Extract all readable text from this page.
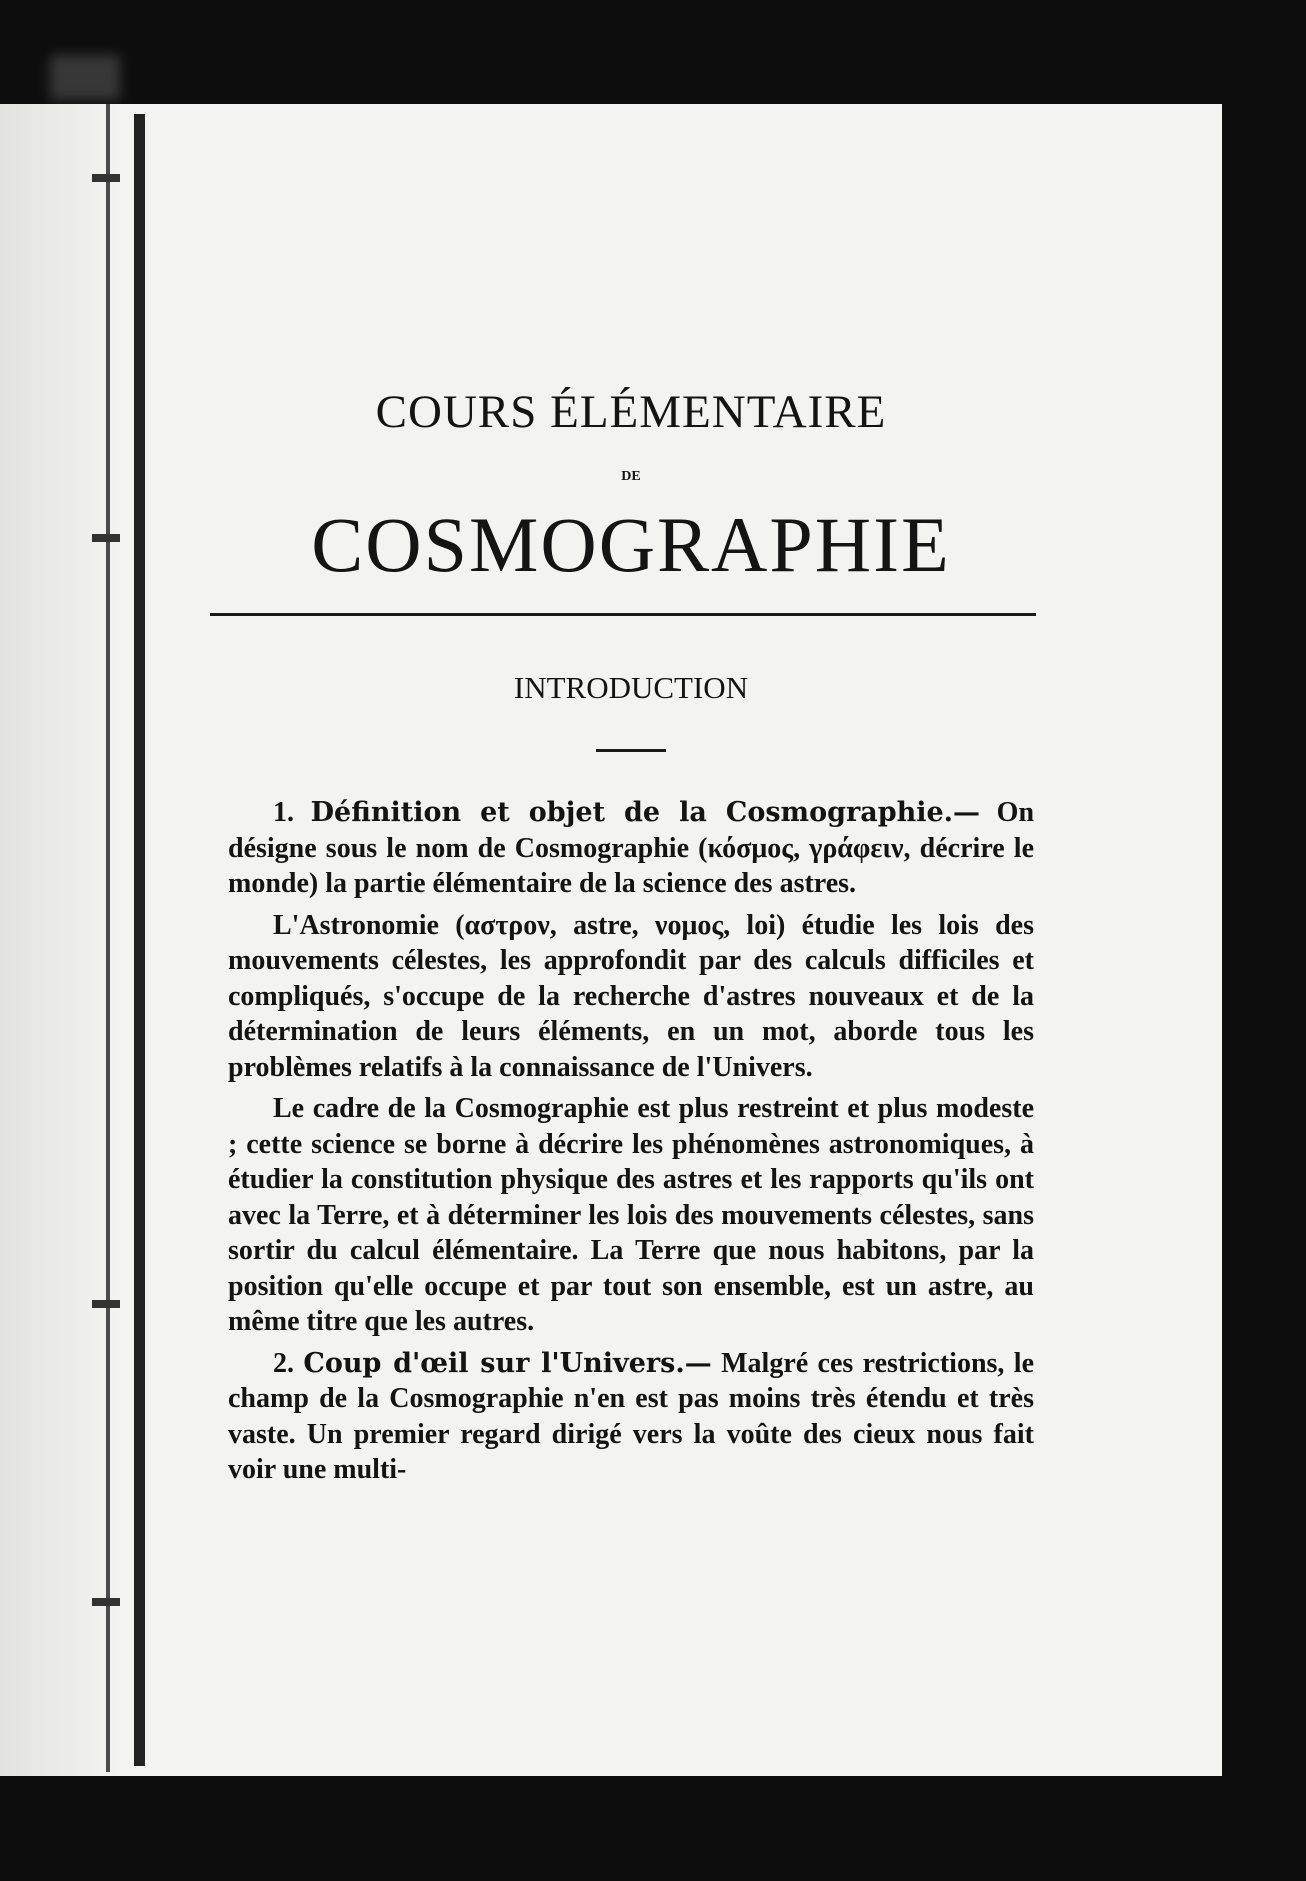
COURS ÉLÉMENTAIRE
DE
COSMOGRAPHIE
INTRODUCTION

1. Définition et objet de la Cosmographie.— On désigne sous le nom de Cosmographie (κόσμος, γράφειν, décrire le monde) la partie élémentaire de la science des astres.

L'Astronomie (αστρον, astre, νομος, loi) étudie les lois des mouvements célestes, les approfondit par des calculs difficiles et compliqués, s'occupe de la recherche d'astres nouveaux et de la détermination de leurs éléments, en un mot, aborde tous les problèmes relatifs à la connaissance de l'Univers.

Le cadre de la Cosmographie est plus restreint et plus modeste ; cette science se borne à décrire les phénomènes astronomiques, à étudier la constitution physique des astres et les rapports qu'ils ont avec la Terre, et à déterminer les lois des mouvements célestes, sans sortir du calcul élémentaire. La Terre que nous habitons, par la position qu'elle occupe et par tout son ensemble, est un astre, au même titre que les autres.

2. Coup d'œil sur l'Univers.— Malgré ces restrictions, le champ de la Cosmographie n'en est pas moins très étendu et très vaste. Un premier regard dirigé vers la voûte des cieux nous fait voir une multi-
